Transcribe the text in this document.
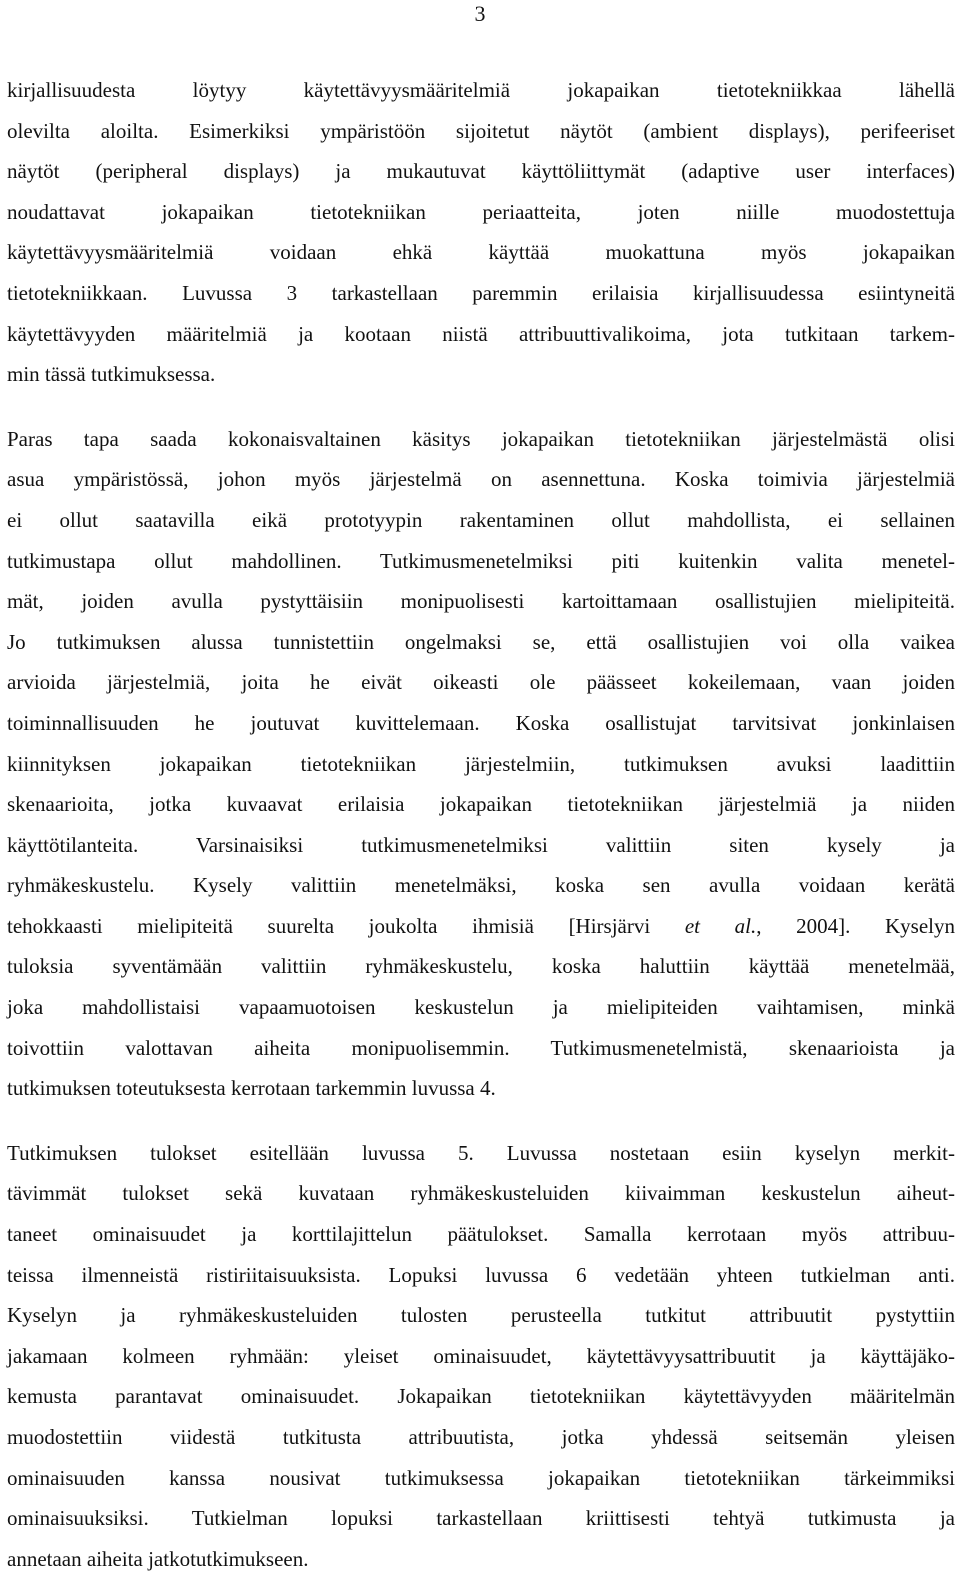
3

kirjallisuudesta löytyy käytettävyysmääritelmiä jokapaikan tietotekniikkaa lähellä
olevilta aloilta. Esimerkiksi ympäristöön sijoitetut näytöt (ambient displays), perifeeriset
näytöt (peripheral displays) ja mukautuvat käyttöliittymät (adaptive user interfaces)
noudattavat jokapaikan tietotekniikan periaatteita, joten niille muodostettuja
käytettävyysmääritelmiä voidaan ehkä käyttää muokattuna myös jokapaikan
tietotekniikkaan. Luvussa 3 tarkastellaan paremmin erilaisia kirjallisuudessa esiintyneitä
käytettävyyden määritelmiä ja kootaan niistä attribuuttivalikoima, jota tutkitaan tarkem-
min tässä tutkimuksessa.

Paras tapa saada kokonaisvaltainen käsitys jokapaikan tietotekniikan järjestelmästä olisi
asua ympäristössä, johon myös järjestelmä on asennettuna. Koska toimivia järjestelmiä
ei ollut saatavilla eikä prototyypin rakentaminen ollut mahdollista, ei sellainen
tutkimustapa ollut mahdollinen. Tutkimusmenetelmiksi piti kuitenkin valita menetel-
mät, joiden avulla pystyttäisiin monipuolisesti kartoittamaan osallistujien mielipiteitä.
Jo tutkimuksen alussa tunnistettiin ongelmaksi se, että osallistujien voi olla vaikea
arvioida järjestelmiä, joita he eivät oikeasti ole päässeet kokeilemaan, vaan joiden
toiminnallisuuden he joutuvat kuvittelemaan. Koska osallistujat tarvitsivat jonkinlaisen
kiinnityksen jokapaikan tietotekniikan järjestelmiin, tutkimuksen avuksi laadittiin
skenaarioita, jotka kuvaavat erilaisia jokapaikan tietotekniikan järjestelmiä ja niiden
käyttötilanteita. Varsinaisiksi tutkimusmenetelmiksi valittiin siten kysely ja
ryhmäkeskustelu. Kysely valittiin menetelmäksi, koska sen avulla voidaan kerätä
tehokkaasti mielipiteitä suurelta joukolta ihmisiä [Hirsjärvi et al., 2004]. Kyselyn
tuloksia syventämään valittiin ryhmäkeskustelu, koska haluttiin käyttää menetelmää,
joka mahdollistaisi vapaamuotoisen keskustelun ja mielipiteiden vaihtamisen, minkä
toivottiin valottavan aiheita monipuolisemmin. Tutkimusmenetelmistä, skenaarioista ja
tutkimuksen toteutuksesta kerrotaan tarkemmin luvussa 4.

Tutkimuksen tulokset esitellään luvussa 5. Luvussa nostetaan esiin kyselyn merkit-
tävimmät tulokset sekä kuvataan ryhmäkeskusteluiden kiivaimman keskustelun aiheut-
taneet ominaisuudet ja korttilajittelun päätulokset. Samalla kerrotaan myös attribuu-
teissa ilmenneistä ristiriitaisuuksista. Lopuksi luvussa 6 vedetään yhteen tutkielman anti.
Kyselyn ja ryhmäkeskusteluiden tulosten perusteella tutkitut attribuutit pystyttiin
jakamaan kolmeen ryhmään: yleiset ominaisuudet, käytettävyysattribuutit ja käyttäjäko-
kemusta parantavat ominaisuudet. Jokapaikan tietotekniikan käytettävyyden määritelmän
muodostettiin viidestä tutkitusta attribuutista, jotka yhdessä seitsemän yleisen
ominaisuuden kanssa nousivat tutkimuksessa jokapaikan tietotekniikan tärkeimmiksi
ominaisuuksiksi. Tutkielman lopuksi tarkastellaan kriittisesti tehtyä tutkimusta ja
annetaan aiheita jatkotutkimukseen.
